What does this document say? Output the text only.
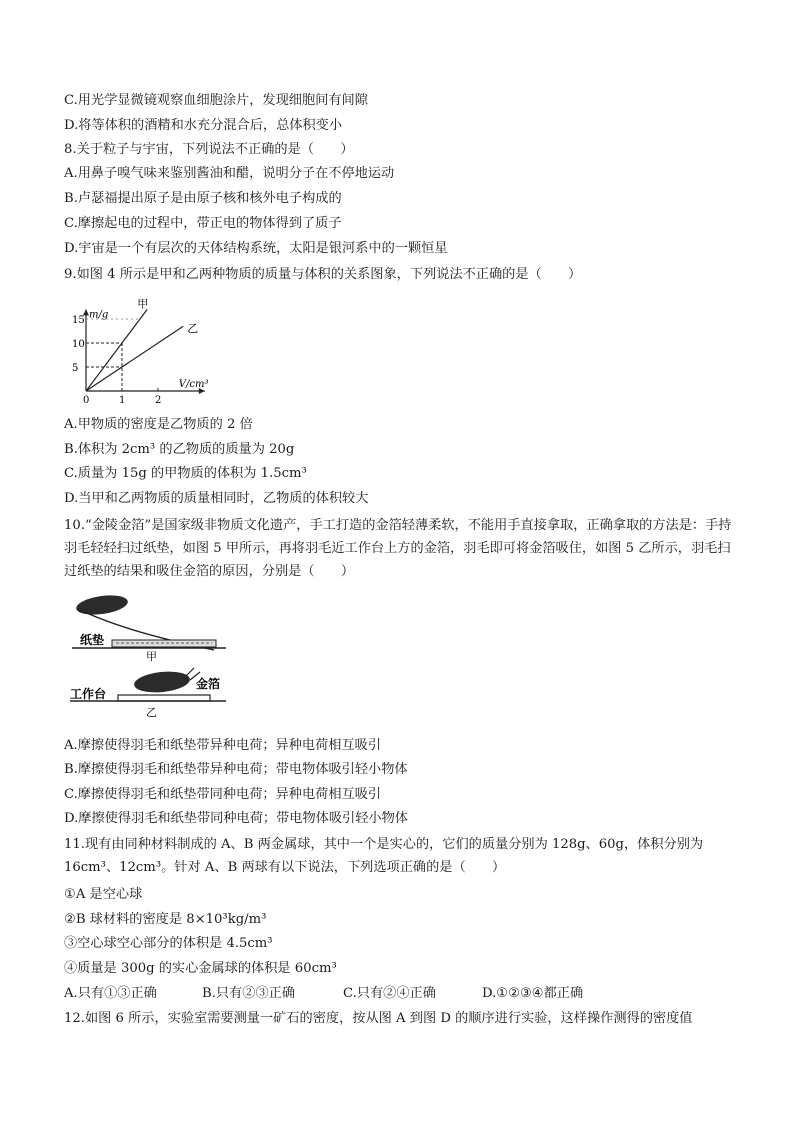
C.用光学显微镜观察血细胞涂片，发现细胞间有间隙
D.将等体积的酒精和水充分混合后，总体积变小
8.关于粒子与宇宙，下列说法不正确的是（　　）
A.用鼻子嗅气味来鉴别酱油和醋，说明分子在不停地运动
B.卢瑟福提出原子是由原子核和核外电子构成的
C.摩擦起电的过程中，带正电的物体得到了质子
D.宇宙是一个有层次的天体结构系统，太阳是银河系中的一颗恒星
9.如图 4 所示是甲和乙两种物质的质量与体积的关系图象，下列说法不正确的是（　　）
V/cm³
m/g
0	1	2
5
10
15
甲
乙
A.甲物质的密度是乙物质的 2 倍
B.体积为 2cm³ 的乙物质的质量为 20g
C.质量为 15g 的甲物质的体积为 1.5cm³
D.当甲和乙两物质的质量相同时，乙物质的体积较大
10.“金陵金箔”是国家级非物质文化遗产，手工打造的金箔轻薄柔软，不能用手直接拿取，正确拿取的方法是：手持羽毛轻轻扫过纸垫，如图 5 甲所示，再将羽毛近工作台上方的金箔，羽毛即可将金箔吸住，如图 5 乙所示，羽毛扫过纸垫的结果和吸住金箔的原因，分别是（　　）
纸垫
甲
工作台
金箔
乙
A.摩擦使得羽毛和纸垫带异种电荷；异种电荷相互吸引
B.摩擦使得羽毛和纸垫带异种电荷；带电物体吸引轻小物体
C.摩擦使得羽毛和纸垫带同种电荷；异种电荷相互吸引
D.摩擦使得羽毛和纸垫带同种电荷；带电物体吸引轻小物体
11.现有由同种材料制成的 A、B 两金属球，其中一个是实心的，它们的质量分别为 128g、60g，体积分别为 16cm³、12cm³。针对 A、B 两球有以下说法，下列选项正确的是（　　）
①A 是空心球
②B 球材料的密度是 8×10³kg/m³
③空心球空心部分的体积是 4.5cm³
④质量是 300g 的实心金属球的体积是 60cm³
A.只有①③正确	B.只有②③正确	C.只有②④正确	D.①②③④都正确
12.如图 6 所示，实验室需要测量一矿石的密度，按从图 A 到图 D 的顺序进行实验，这样操作测得的密度值
